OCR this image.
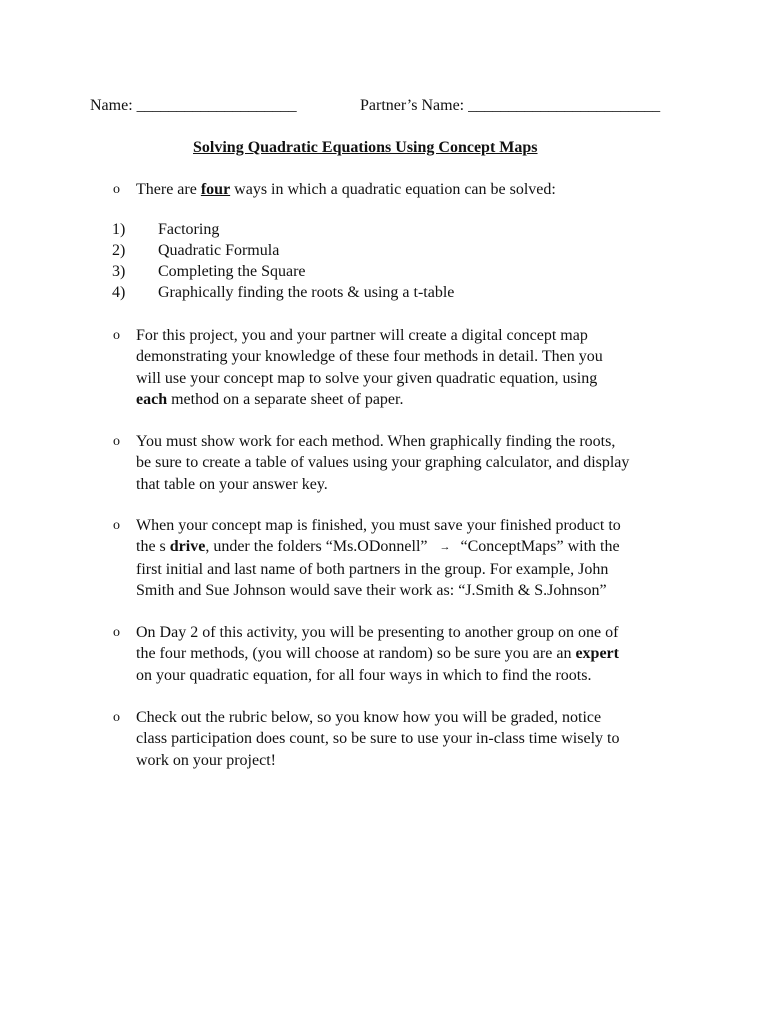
Name: ____________________	Partner’s Name: ________________________
Solving Quadratic Equations Using Concept Maps
o There are four ways in which a quadratic equation can be solved:
1) Factoring
2) Quadratic Formula
3) Completing the Square
4) Graphically finding the roots & using a t-table
o For this project, you and your partner will create a digital concept map
demonstrating your knowledge of these four methods in detail. Then you
will use your concept map to solve your given quadratic equation, using
each method on a separate sheet of paper.
o You must show work for each method. When graphically finding the roots,
be sure to create a table of values using your graphing calculator, and display
that table on your answer key.
o When your concept map is finished, you must save your finished product to
the s drive, under the folders “Ms.ODonnell” → “ConceptMaps” with the
first initial and last name of both partners in the group. For example, John
Smith and Sue Johnson would save their work as: “J.Smith & S.Johnson”
o On Day 2 of this activity, you will be presenting to another group on one of
the four methods, (you will choose at random) so be sure you are an expert
on your quadratic equation, for all four ways in which to find the roots.
o Check out the rubric below, so you know how you will be graded, notice
class participation does count, so be sure to use your in-class time wisely to
work on your project!
